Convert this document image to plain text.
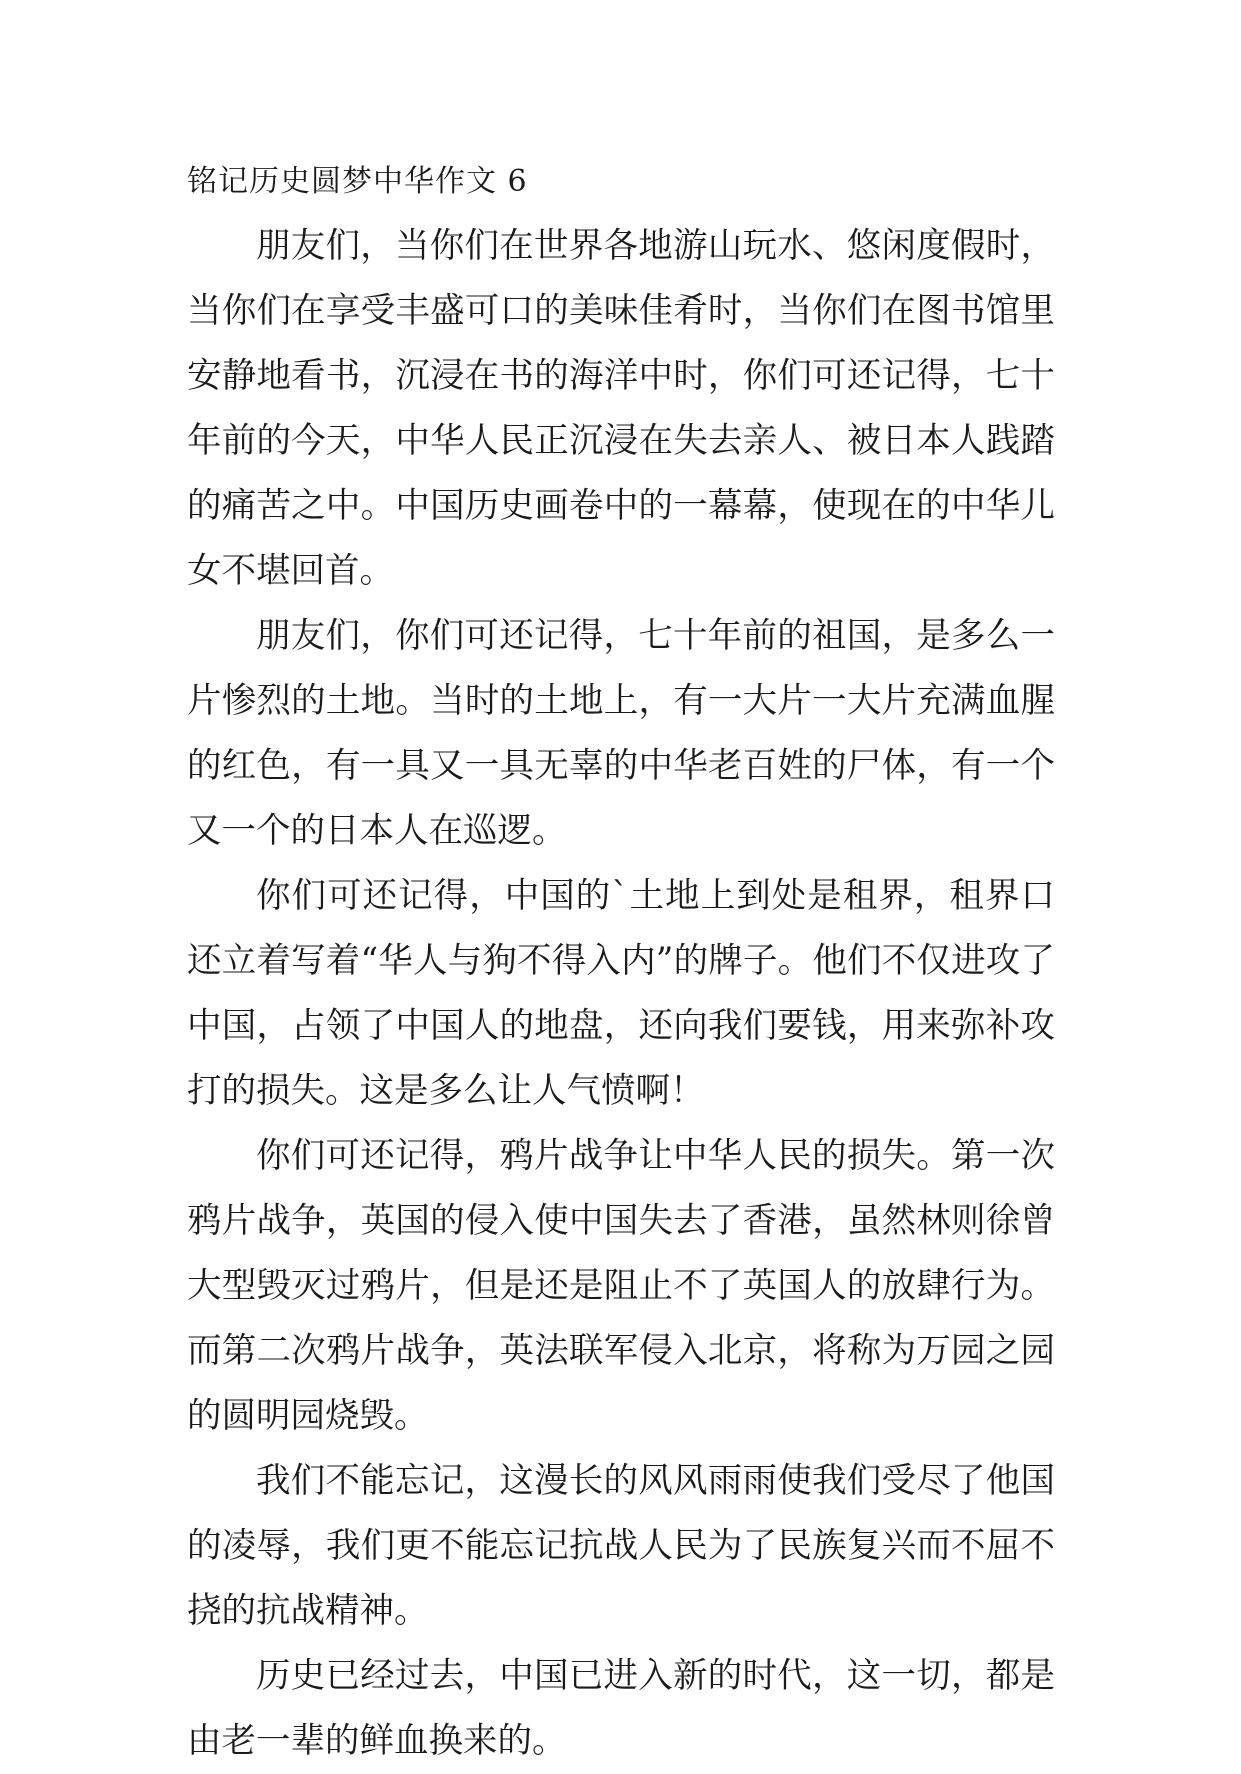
铭记历史圆梦中华作文 6

朋友们，当你们在世界各地游山玩水、悠闲度假时，当你们在享受丰盛可口的美味佳肴时，当你们在图书馆里安静地看书，沉浸在书的海洋中时，你们可还记得，七十年前的今天，中华人民正沉浸在失去亲人、被日本人践踏的痛苦之中。中国历史画卷中的一幕幕，使现在的中华儿女不堪回首。

朋友们，你们可还记得，七十年前的祖国，是多么一片惨烈的土地。当时的土地上，有一大片一大片充满血腥的红色，有一具又一具无辜的中华老百姓的尸体，有一个又一个的日本人在巡逻。

你们可还记得，中国的`土地上到处是租界，租界口还立着写着“华人与狗不得入内”的牌子。他们不仅进攻了中国，占领了中国人的地盘，还向我们要钱，用来弥补攻打的损失。这是多么让人气愤啊！

你们可还记得，鸦片战争让中华人民的损失。第一次鸦片战争，英国的侵入使中国失去了香港，虽然林则徐曾大型毁灭过鸦片，但是还是阻止不了英国人的放肆行为。而第二次鸦片战争，英法联军侵入北京，将称为万园之园的圆明园烧毁。

我们不能忘记，这漫长的风风雨雨使我们受尽了他国的凌辱，我们更不能忘记抗战人民为了民族复兴而不屈不挠的抗战精神。

历史已经过去，中国已进入新的时代，这一切，都是由老一辈的鲜血换来的。
